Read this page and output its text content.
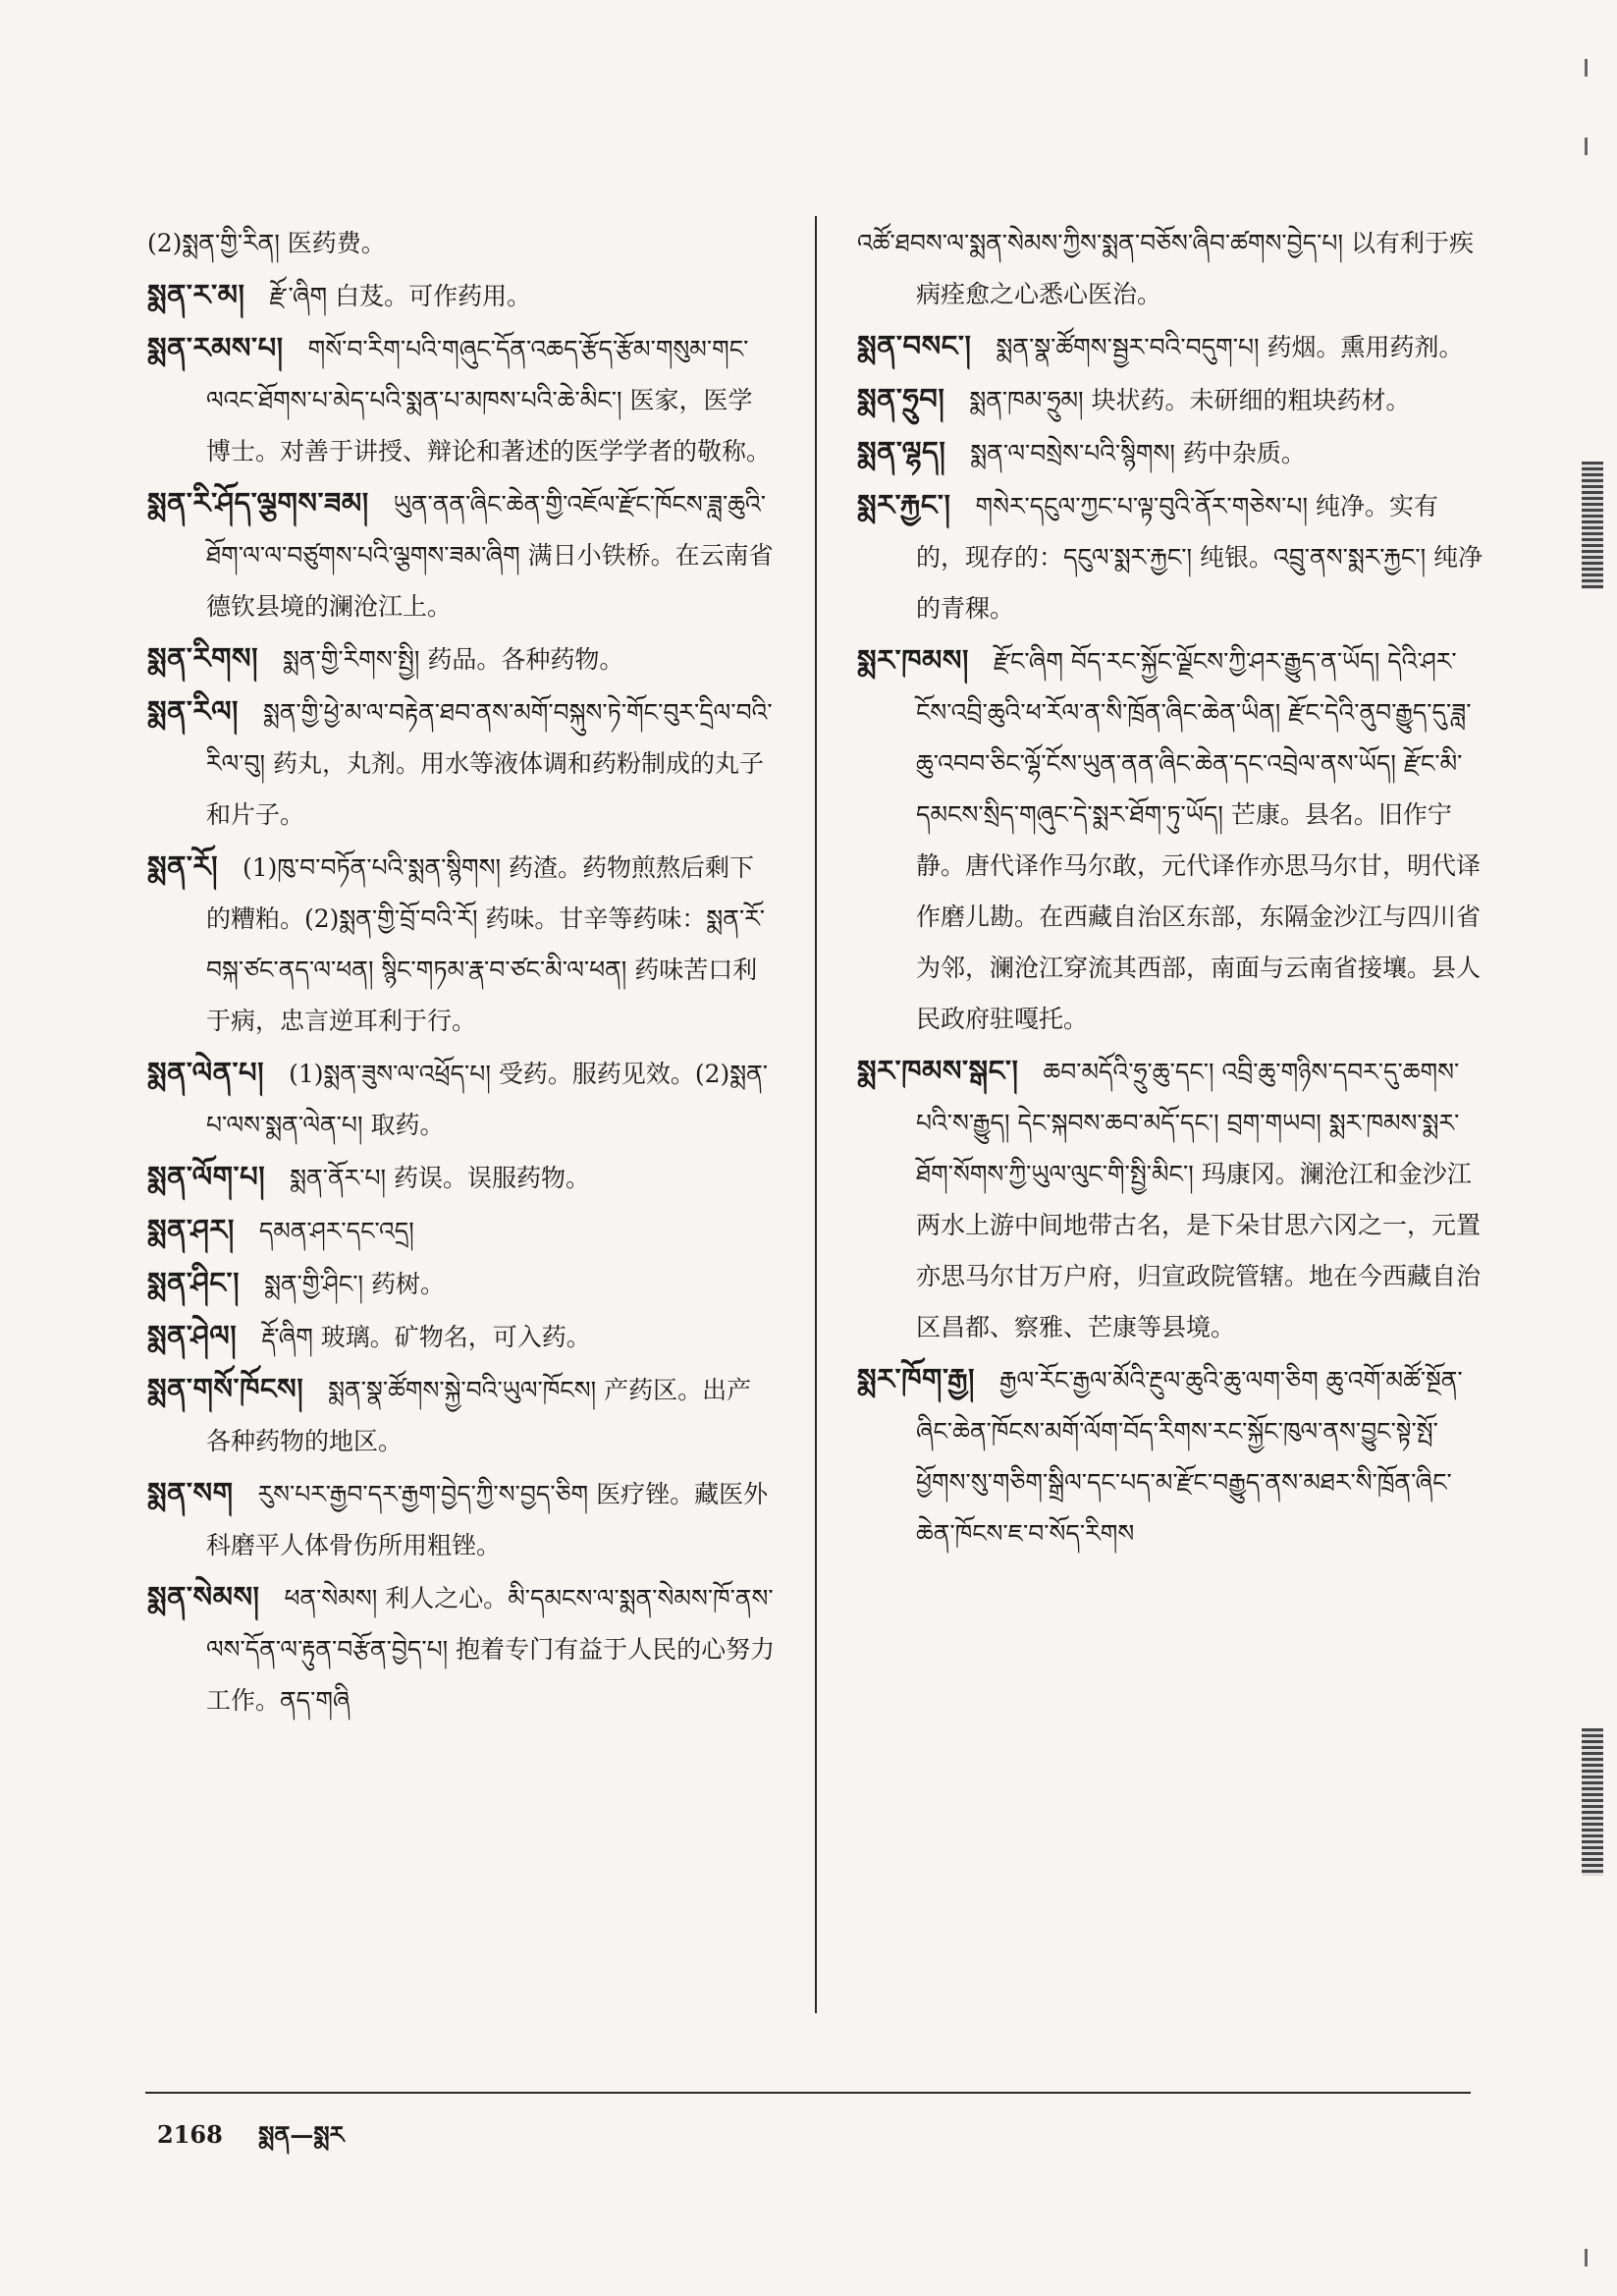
(2)སྨན་གྱི་རིན། 医药费。

སྨན་ར་མ།  རྫོ་ཞིག 白芨。可作药用。

སྨན་རམས་པ།  གསོ་བ་རིག་པའི་གཞུང་དོན་འཆད་རྩོད་རྩོམ་གསུམ་གང་ལའང་ཐོགས་པ་མེད་པའི་སྨན་པ་མཁས་པའི་ཆེ་མིང་། 医家，医学博士。对善于讲授、辩论和著述的医学学者的敬称。

སྨན་རི་ཤོད་ལྕགས་ཟམ།  ཡུན་ནན་ཞིང་ཆེན་གྱི་འཇོལ་རྫོང་ཁོངས་ཟླ་ཆུའི་ཐོག་ལ་ལ་བཙུགས་པའི་ལྕགས་ཟམ་ཞིག 满日小铁桥。在云南省德钦县境的澜沧江上。

སྨན་རིགས།  སྨན་གྱི་རིགས་སྤྱི། 药品。各种药物。

སྨན་རིལ།  སྨན་གྱི་ཕྱེ་མ་ལ་བརྟེན་ཐབ་ནས་མགོ་བསྐུས་ཏེ་གོང་བུར་དྲིལ་བའི་རིལ་བུ། 药丸，丸剂。用水等液体调和药粉制成的丸子和片子。

སྨན་རོ།  (1)ཁུ་བ་བཏོན་པའི་སྨན་སྙིགས། 药渣。药物煎熬后剩下的糟粕。(2)སྨན་གྱི་བྲོ་བའི་རོ། 药味。甘辛等药味：སྨན་རོ་བསྐ་ཙང་ནད་ལ་ཕན། སྙིང་གཏམ་རྣ་བ་ཙང་མི་ལ་ཕན། 药味苦口利于病，忠言逆耳利于行。

སྨན་ལེན་པ།  (1)སྨན་ཟུས་ལ་འཕྲོད་པ། 受药。服药见效。(2)སྨན་པ་ལས་སྨན་ལེན་པ། 取药。

སྨན་ལོག་པ།  སྨན་ནོར་པ། 药误。误服药物。

སྨན་ཤར།  དམན་ཤར་དང་འདྲ།

སྨན་ཤིང་།  སྨན་གྱི་ཤིང་། 药树。

སྨན་ཤེལ།  རྡོ་ཞིག 玻璃。矿物名，可入药。

སྨན་གསོ་ཁོངས།  སྨན་སྣ་ཚོགས་སྐྱེ་བའི་ཡུལ་ཁོངས། 产药区。出产各种药物的地区。

སྨན་སག  རུས་པར་རྒྱབ་དར་རྒྱག་བྱེད་ཀྱི་ས་བྱད་ཅིག 医疗锉。藏医外科磨平人体骨伤所用粗锉。

སྨན་སེམས།  ཕན་སེམས། 利人之心。མི་དམངས་ལ་སྨན་སེམས་ཁོ་ནས་ལས་དོན་ལ་རྟུན་བརྩོན་བྱེད་པ། 抱着专门有益于人民的心努力工作。ནད་གཞི

འཚོ་ཐབས་ལ་སྨན་སེམས་ཀྱིས་སྨན་བཅོས་ཞིབ་ཚགས་བྱེད་པ། 以有利于疾病痊愈之心悉心医治。

སྨན་བསང་།  སྨན་སྣ་ཚོགས་སྦྱར་བའི་བདུག་པ། 药烟。熏用药剂。

སྨན་ཧྲུབ།  སྨན་ཁམ་ཧྲུམ། 块状药。未研细的粗块药材。

སྨན་ལྷད།  སྨན་ལ་བསྲེས་པའི་སྙིགས། 药中杂质。

སྨར་རྐྱང་།  གསེར་དངུལ་ཀྱང་པ་ལྟ་བུའི་ནོར་གཅེས་པ། 纯净。实有的，现存的：དངུལ་སྨར་རྐྱང་། 纯银。འབྲུ་ནས་སྨར་རྐྱང་། 纯净的青稞。

སྨར་ཁམས།  རྫོང་ཞིག བོད་རང་སྐྱོང་ལྗོངས་ཀྱི་ཤར་རྒྱུད་ན་ཡོད། དེའི་ཤར་ངོས་འབྲི་ཆུའི་ཕ་རོལ་ན་སི་ཁྲོན་ཞིང་ཆེན་ཡིན། རྫོང་དེའི་ནུབ་རྒྱུད་དུ་ཟླ་ཆུ་འབབ་ཅིང་ལྷོ་ངོས་ཡུན་ནན་ཞིང་ཆེན་དང་འབྲེལ་ནས་ཡོད། རྫོང་མི་དམངས་སྲིད་གཞུང་དེ་སྨར་ཐོག་ཏུ་ཡོད། 芒康。县名。旧作宁静。唐代译作马尔敢，元代译作亦思马尔甘，明代译作磨儿勘。在西藏自治区东部，东隔金沙江与四川省为邻，澜沧江穿流其西部，南面与云南省接壤。县人民政府驻嘎托。

སྨར་ཁམས་སྒང་།  ཆབ་མདོའི་ཧྲུ་ཆུ་དང་། འབྲི་ཆུ་གཉིས་དབར་དུ་ཆགས་པའི་ས་རྒྱུད། དེང་སྐབས་ཆབ་མདོ་དང་། བྲག་གཡབ། སྨར་ཁམས་སྨར་ཐོག་སོགས་ཀྱི་ཡུལ་ལུང་གི་སྤྱི་མིང་། 玛康冈。澜沧江和金沙江两水上游中间地带古名，是下朵甘思六冈之一，元置亦思马尔甘万户府，归宣政院管辖。地在今西藏自治区昌都、察雅、芒康等县境。

སྨར་ཁོག་རྒྱ།  རྒྱལ་རོང་རྒྱལ་མོའི་རྔུལ་ཆུའི་ཆུ་ལག་ཅིག ཆུ་འགོ་མཚོ་སྔོན་ཞིང་ཆེན་ཁོངས་མགོ་ལོག་བོད་རིགས་རང་སྐྱོང་ཁུལ་ནས་བྱུང་སྟེ་སྤོ་ཕྱོགས་སུ་གཅིག་སྒྲིལ་དང་པད་མ་རྫོང་བརྒྱུད་ནས་མཐར་སི་ཁྲོན་ཞིང་ཆེན་ཁོངས་ཇ་བ་སོད་རིགས

2168 སྨན—སྨར
